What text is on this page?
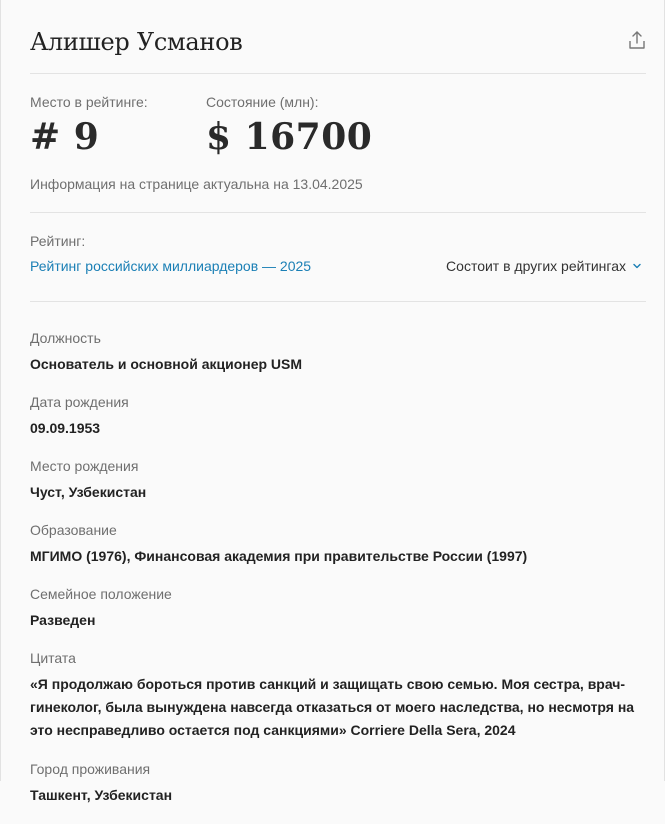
Алишер Усманов
Место в рейтинге:
# 9
Состояние (млн):
$ 16700
Информация на странице актуальна на 13.04.2025
Рейтинг:
Рейтинг российских миллиардеров — 2025	Состоит в других рейтингах
Должность
Основатель и основной акционер USM
Дата рождения
09.09.1953
Место рождения
Чуст, Узбекистан
Образование
МГИМО (1976), Финансовая академия при правительстве России (1997)
Семейное положение
Разведен
Цитата
«Я продолжаю бороться против санкций и защищать свою семью. Моя сестра, врач-гинеколог, была вынуждена навсегда отказаться от моего наследства, но несмотря на это несправедливо остается под санкциями» Corriere Della Sera, 2024
Город проживания
Ташкент, Узбекистан
